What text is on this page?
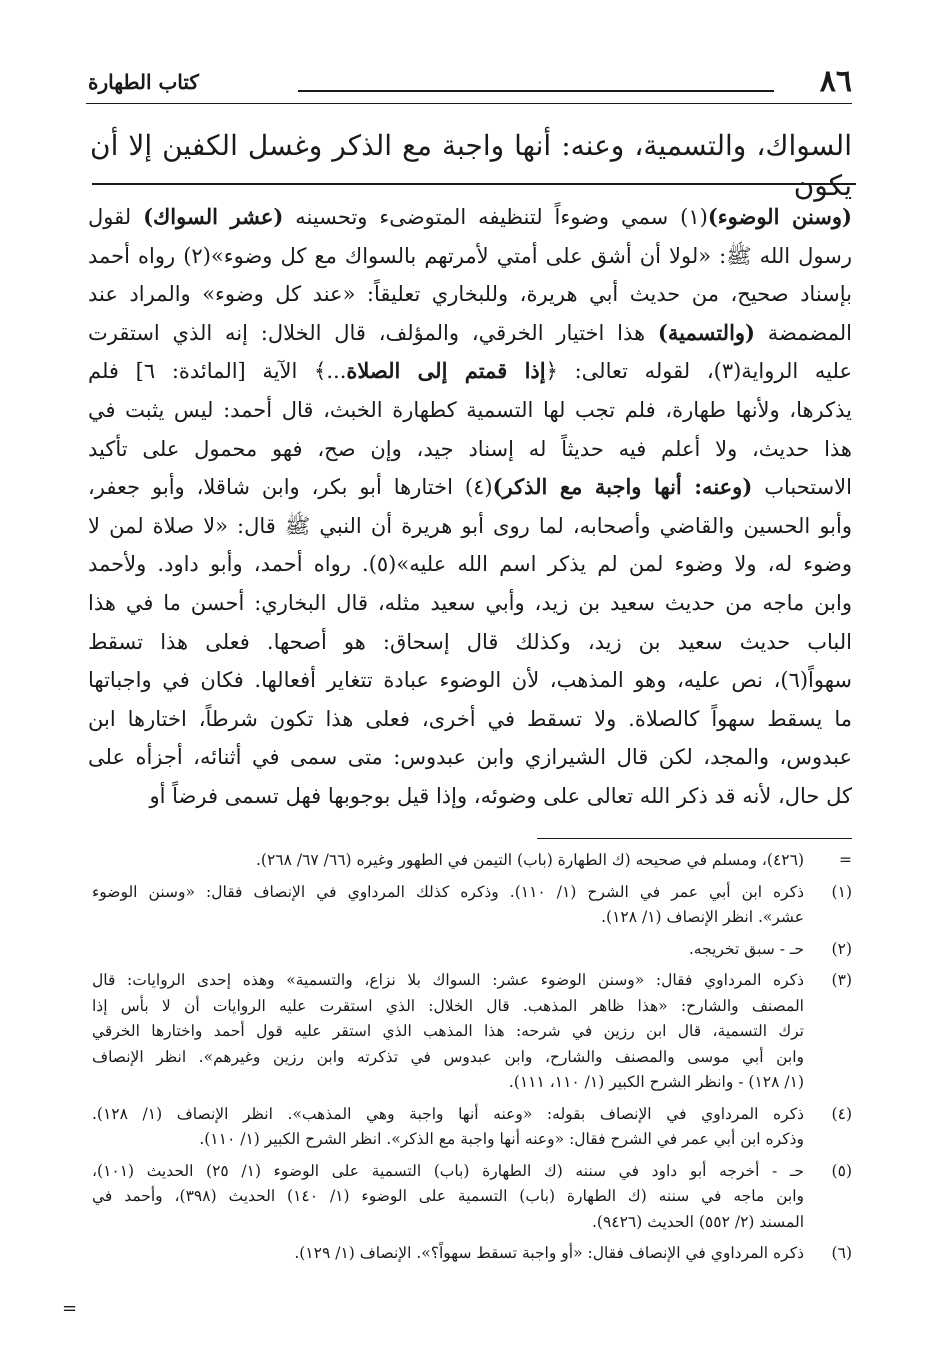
٨٦
كتاب الطهارة
السواك، والتسمية، وعنه: أنها واجبة مع الذكر وغسل الكفين إلا أن يكون
(وسنن الوضوء)(١) سمي وضوءاً لتنظيفه المتوضىء وتحسينه (عشر السواك) لقول
رسول الله ﷺ: «لولا أن أشق على أمتي لأمرتهم بالسواك مع كل وضوء»(٢) رواه أحمد
بإسناد صحيح، من حديث أبي هريرة، وللبخاري تعليقاً: «عند كل وضوء» والمراد عند
المضمضة (والتسمية) هذا اختيار الخرقي، والمؤلف، قال الخلال: إنه الذي استقرت
عليه الرواية(٣)، لقوله تعالى: ﴿إذا قمتم إلى الصلاة...﴾ الآية [المائدة: ٦] فلم
يذكرها، ولأنها طهارة، فلم تجب لها التسمية كطهارة الخبث، قال أحمد: ليس يثبت في
هذا حديث، ولا أعلم فيه حديثاً له إسناد جيد، وإن صح، فهو محمول على تأكيد
الاستحباب (وعنه: أنها واجبة مع الذكر)(٤) اختارها أبو بكر، وابن شاقلا، وأبو جعفر،
وأبو الحسين والقاضي وأصحابه، لما روى أبو هريرة أن النبي ﷺ قال: «لا صلاة لمن لا
وضوء له، ولا وضوء لمن لم يذكر اسم الله عليه»(٥). رواه أحمد، وأبو داود. ولأحمد
وابن ماجه من حديث سعيد بن زيد، وأبي سعيد مثله، قال البخاري: أحسن ما في هذا
الباب حديث سعيد بن زيد، وكذلك قال إسحاق: هو أصحها. فعلى هذا تسقط
سهواً(٦)، نص عليه، وهو المذهب، لأن الوضوء عبادة تتغاير أفعالها. فكان في واجباتها
ما يسقط سهواً كالصلاة. ولا تسقط في أخرى، فعلى هذا تكون شرطاً، اختارها ابن
عبدوس، والمجد، لكن قال الشيرازي وابن عبدوس: متى سمى في أثنائه، أجزأه على
كل حال، لأنه قد ذكر الله تعالى على وضوئه، وإذا قيل بوجوبها فهل تسمى فرضاً أو
=
(٤٢٦)، ومسلم في صحيحه (ك الطهارة (باب) التيمن في الطهور وغيره (٦٦/ ٦٧/ ٢٦٨).
(١)
ذكره ابن أبي عمر في الشرح (١/ ١١٠). وذكره كذلك المرداوي في الإنصاف فقال: «وسنن الوضوء
عشر». انظر الإنصاف (١/ ١٢٨).
(٢)
حـ - سبق تخريجه.
(٣)
ذكره المرداوي فقال: «وسنن الوضوء عشر: السواك بلا نزاع، والتسمية» وهذه إحدى الروايات: قال
المصنف والشارح: «هذا ظاهر المذهب. قال الخلال: الذي استقرت عليه الروايات أن لا بأس إذا
ترك التسمية، قال ابن رزين في شرحه: هذا المذهب الذي استقر عليه قول أحمد واختارها الخرقي
وابن أبي موسى والمصنف والشارح، وابن عبدوس في تذكرته وابن رزين وغيرهم». انظر الإنصاف
(١/ ١٢٨) - وانظر الشرح الكبير (١/ ١١٠، ١١١).
(٤)
ذكره المرداوي في الإنصاف بقوله: «وعنه أنها واجبة وهي المذهب». انظر الإنصاف (١/ ١٢٨).
وذكره ابن أبي عمر في الشرح فقال: «وعنه أنها واجبة مع الذكر». انظر الشرح الكبير (١/ ١١٠).
(٥)
حـ - أخرجه أبو داود في سننه (ك الطهارة (باب) التسمية على الوضوء (١/ ٢٥) الحديث (١٠١)،
وابن ماجه في سننه (ك الطهارة (باب) التسمية على الوضوء (١/ ١٤٠) الحديث (٣٩٨)، وأحمد في
المسند (٢/ ٥٥٢) الحديث (٩٤٢٦).
(٦)
ذكره المرداوي في الإنصاف فقال: «أو واجبة تسقط سهواً؟». الإنصاف (١/ ١٢٩).
=
